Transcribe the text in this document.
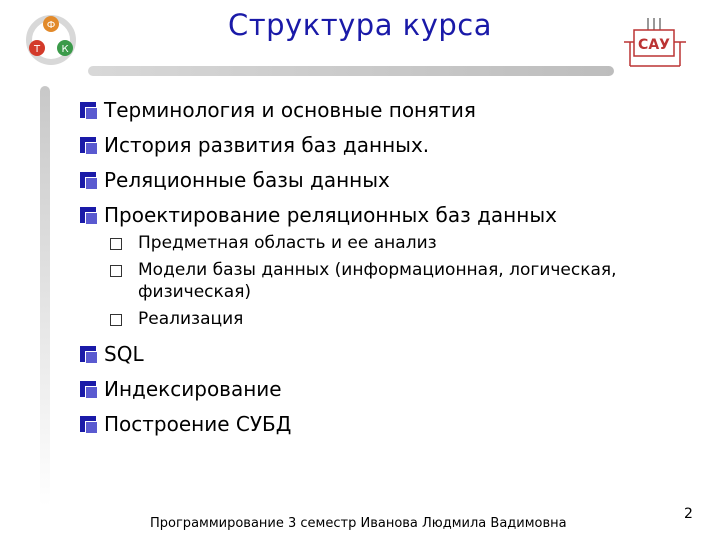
Структура курса
Ф
Т К	САУ
Терминология и основные понятия
История развития баз данных.
Реляционные базы данных
Проектирование реляционных баз данных
Предметная область и ее анализ
Модели базы данных (информационная, логическая, физическая)
Реализация
SQL
Индексирование
Построение СУБД
Программирование 3 семестр Иванова Людмила Вадимовна
2
